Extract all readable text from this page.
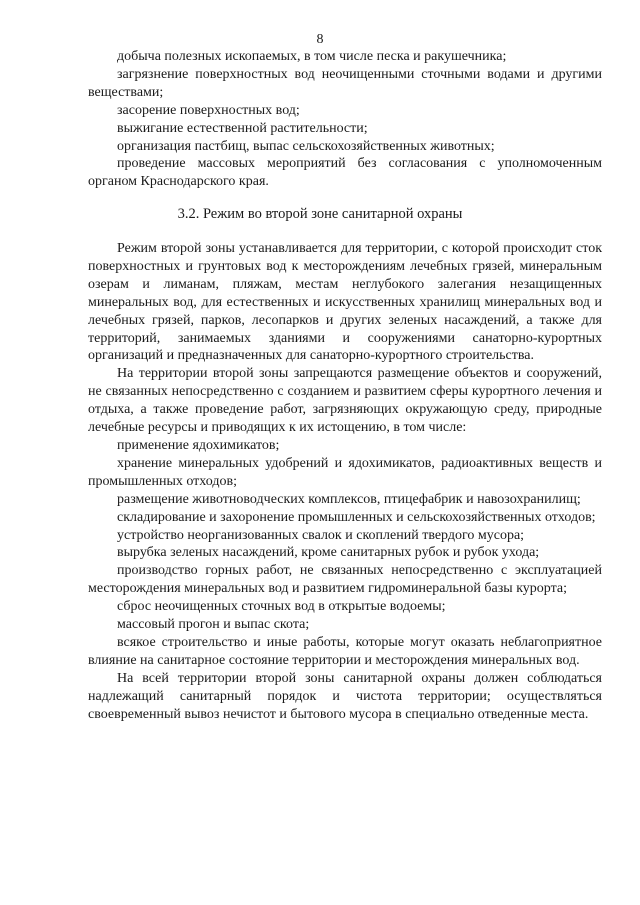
8

добыча полезных ископаемых, в том числе песка и ракушечника;

загрязнение поверхностных вод неочищенными сточными водами и другими веществами;

засорение поверхностных вод;

выжигание естественной растительности;

организация пастбищ, выпас сельскохозяйственных животных;

проведение массовых мероприятий без согласования с уполномоченным органом Краснодарского края.

3.2. Режим во второй зоне санитарной охраны

Режим второй зоны устанавливается для территории, с которой происходит сток поверхностных и грунтовых вод к месторождениям лечебных грязей, минеральным озерам и лиманам, пляжам, местам неглубокого залегания незащищенных минеральных вод, для естественных и искусственных хранилищ минеральных вод и лечебных грязей, парков, лесопарков и других зеленых насаждений, а также для территорий, занимаемых зданиями и сооружениями санаторно-курортных организаций и предназначенных для санаторно-курортного строительства.

На территории второй зоны запрещаются размещение объектов и сооружений, не связанных непосредственно с созданием и развитием сферы курортного лечения и отдыха, а также проведение работ, загрязняющих окружающую среду, природные лечебные ресурсы и приводящих к их истощению, в том числе:

применение ядохимикатов;

хранение минеральных удобрений и ядохимикатов, радиоактивных веществ и промышленных отходов;

размещение животноводческих комплексов, птицефабрик и навозохранилищ;

складирование и захоронение промышленных и сельскохозяйственных отходов;

устройство неорганизованных свалок и скоплений твердого мусора;

вырубка зеленых насаждений, кроме санитарных рубок и рубок ухода;

производство горных работ, не связанных непосредственно с эксплуатацией месторождения минеральных вод и развитием гидроминеральной базы курорта;

сброс неочищенных сточных вод в открытые водоемы;

массовый прогон и выпас скота;

всякое строительство и иные работы, которые могут оказать неблагоприятное влияние на санитарное состояние территории и месторождения минеральных вод.

На всей территории второй зоны санитарной охраны должен соблюдаться надлежащий санитарный порядок и чистота территории; осуществляться своевременный вывоз нечистот и бытового мусора в специально отведенные места.
